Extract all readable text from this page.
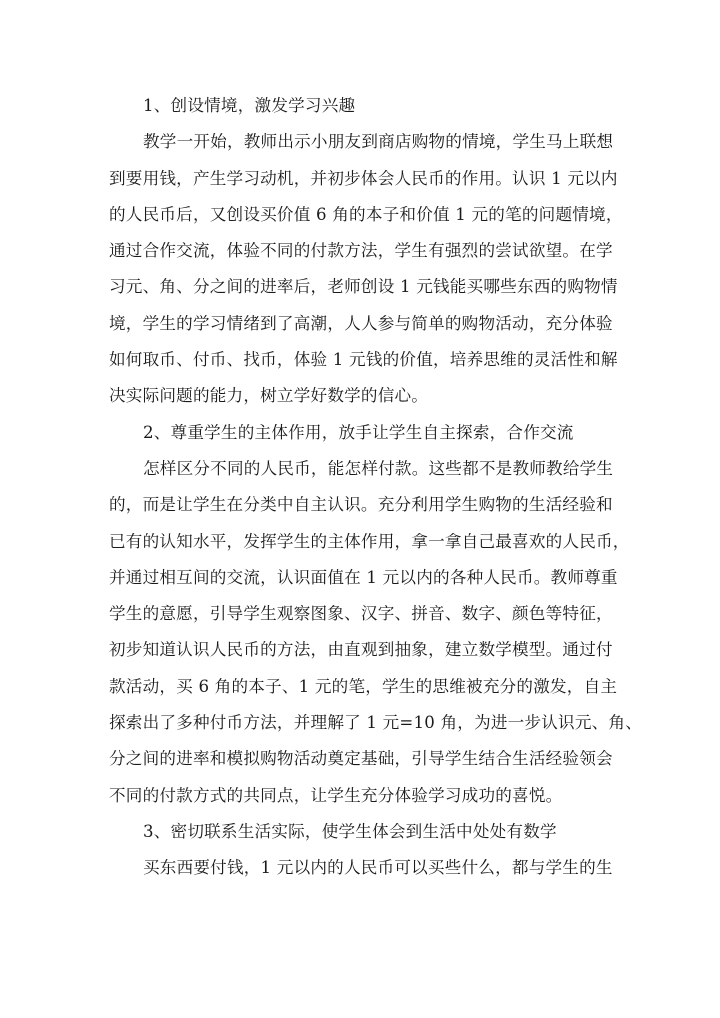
1、创设情境，激发学习兴趣
教学一开始，教师出示小朋友到商店购物的情境，学生马上联想
到要用钱，产生学习动机，并初步体会人民币的作用。认识 1 元以内
的人民币后，又创设买价值 6 角的本子和价值 1 元的笔的问题情境，
通过合作交流，体验不同的付款方法，学生有强烈的尝试欲望。在学
习元、角、分之间的进率后，老师创设 1 元钱能买哪些东西的购物情
境，学生的学习情绪到了高潮，人人参与简单的购物活动，充分体验
如何取币、付币、找币，体验 1 元钱的价值，培养思维的灵活性和解
决实际问题的能力，树立学好数学的信心。
2、尊重学生的主体作用，放手让学生自主探索，合作交流
怎样区分不同的人民币，能怎样付款。这些都不是教师教给学生
的，而是让学生在分类中自主认识。充分利用学生购物的生活经验和
已有的认知水平，发挥学生的主体作用，拿一拿自己最喜欢的人民币，
并通过相互间的交流，认识面值在 1 元以内的各种人民币。教师尊重
学生的意愿，引导学生观察图象、汉字、拼音、数字、颜色等特征，
初步知道认识人民币的方法，由直观到抽象，建立数学模型。通过付
款活动，买 6 角的本子、1 元的笔，学生的思维被充分的激发，自主
探索出了多种付币方法，并理解了 1 元=10 角，为进一步认识元、角、
分之间的进率和模拟购物活动奠定基础，引导学生结合生活经验领会
不同的付款方式的共同点，让学生充分体验学习成功的喜悦。
3、密切联系生活实际，使学生体会到生活中处处有数学
买东西要付钱，1 元以内的人民币可以买些什么，都与学生的生
